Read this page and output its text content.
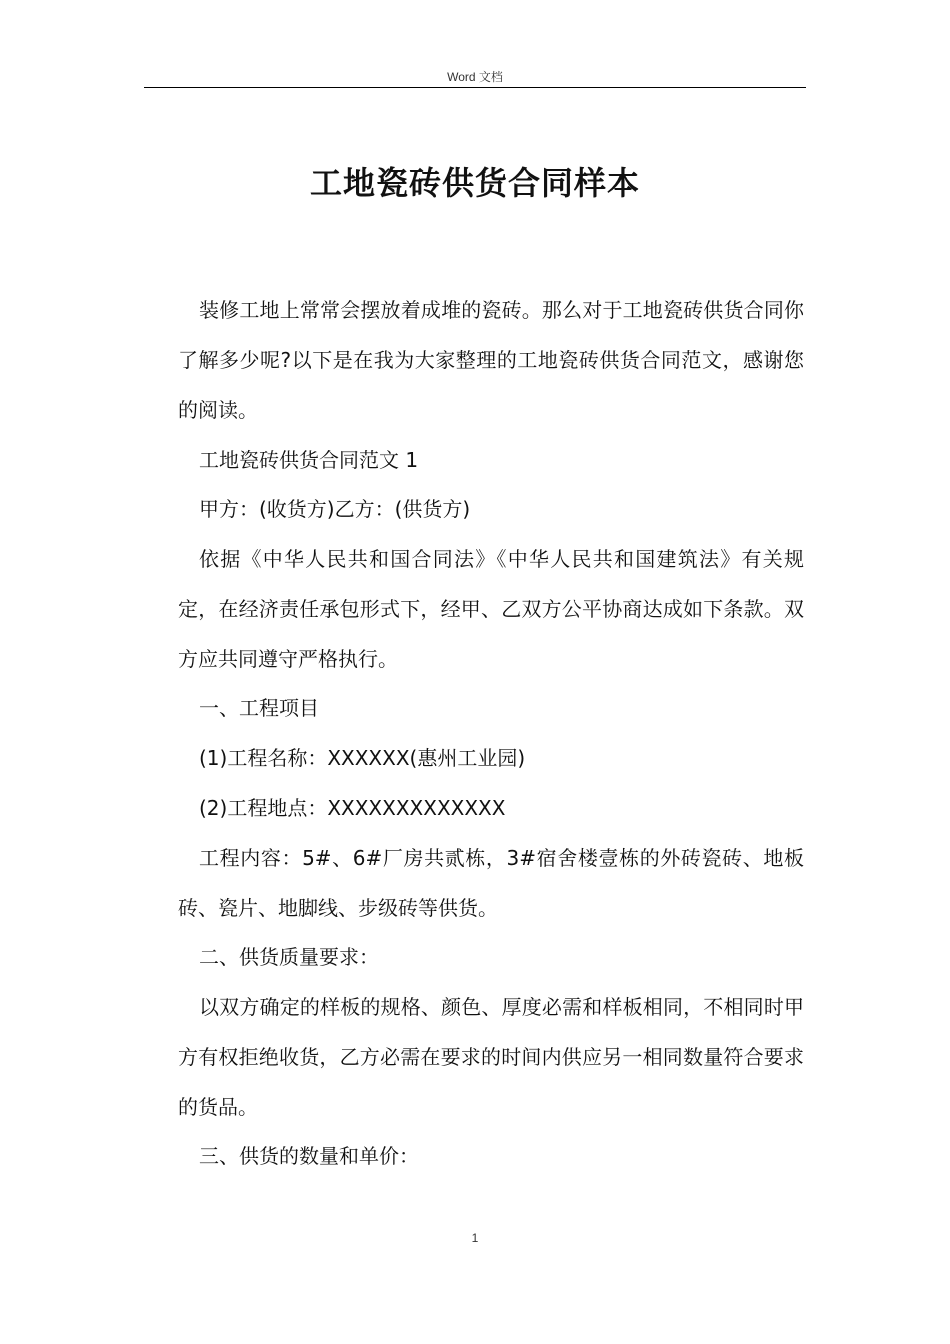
Word 文档
工地瓷砖供货合同样本

装修工地上常常会摆放着成堆的瓷砖。那么对于工地瓷砖供货合同你了解多少呢?以下是在我为大家整理的工地瓷砖供货合同范文，感谢您的阅读。

工地瓷砖供货合同范文 1

甲方：(收货方)乙方：(供货方)

依据《中华人民共和国合同法》《中华人民共和国建筑法》有关规定，在经济责任承包形式下，经甲、乙双方公平协商达成如下条款。双方应共同遵守严格执行。

一、工程项目

(1)工程名称：XXXXXX(惠州工业园)

(2)工程地点：XXXXXXXXXXXXX

工程内容：5#、6#厂房共贰栋，3#宿舍楼壹栋的外砖瓷砖、地板砖、瓷片、地脚线、步级砖等供货。

二、供货质量要求：

以双方确定的样板的规格、颜色、厚度必需和样板相同，不相同时甲方有权拒绝收货，乙方必需在要求的时间内供应另一相同数量符合要求的货品。

三、供货的数量和单价：

1
